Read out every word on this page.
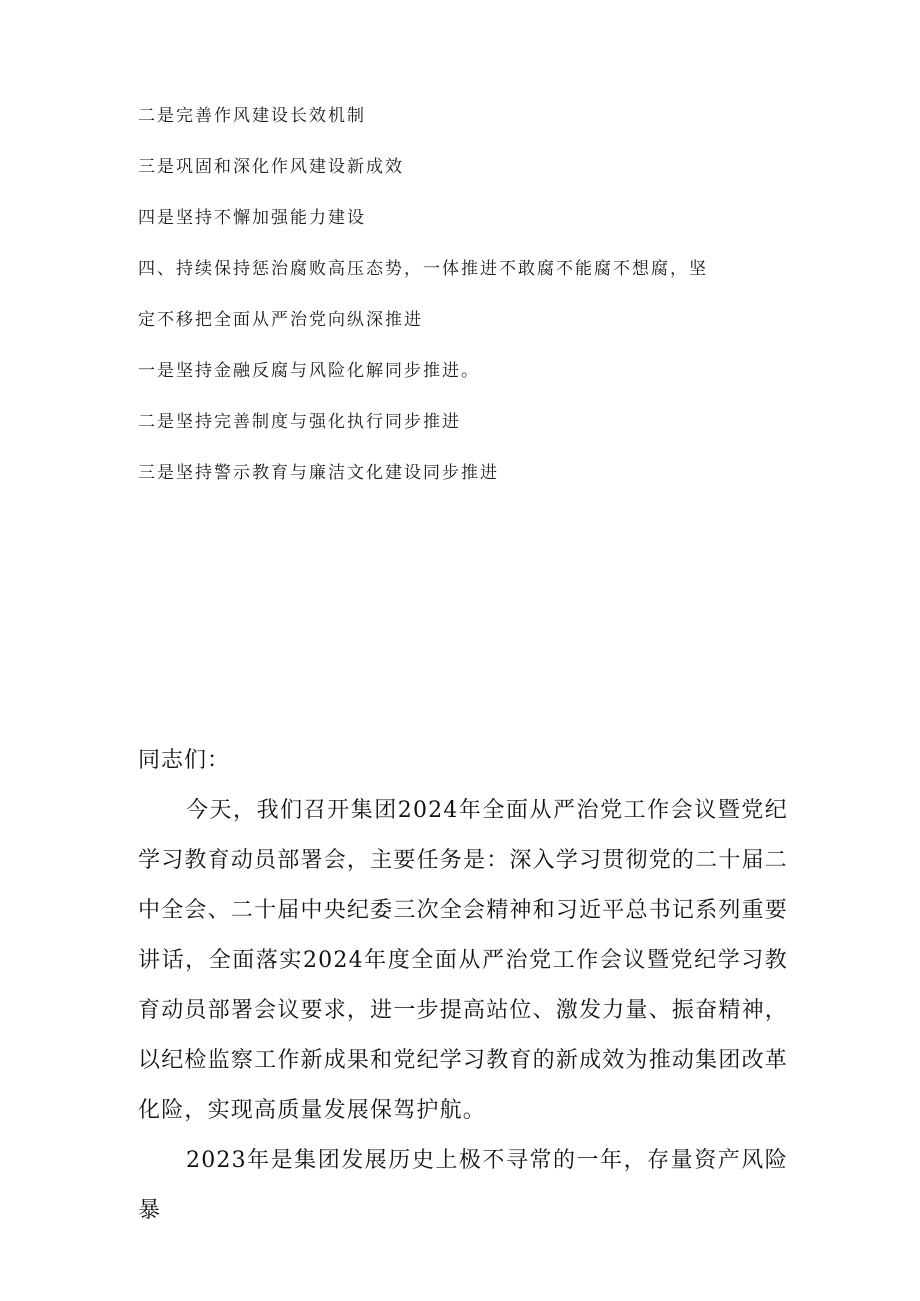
二是完善作风建设长效机制
三是巩固和深化作风建设新成效
四是坚持不懈加强能力建设
四、持续保持惩治腐败高压态势，一体推进不敢腐不能腐不想腐，坚
定不移把全面从严治党向纵深推进
一是坚持金融反腐与风险化解同步推进。
二是坚持完善制度与强化执行同步推进
三是坚持警示教育与廉洁文化建设同步推进
同志们：

今天，我们召开集团2024年全面从严治党工作会议暨党纪学习教育动员部署会，主要任务是：深入学习贯彻党的二十届二中全会、二十届中央纪委三次全会精神和习近平总书记系列重要讲话，全面落实2024年度全面从严治党工作会议暨党纪学习教育动员部署会议要求，进一步提高站位、激发力量、振奋精神，以纪检监察工作新成果和党纪学习教育的新成效为推动集团改革化险，实现高质量发展保驾护航。

2023年是集团发展历史上极不寻常的一年，存量资产风险暴
